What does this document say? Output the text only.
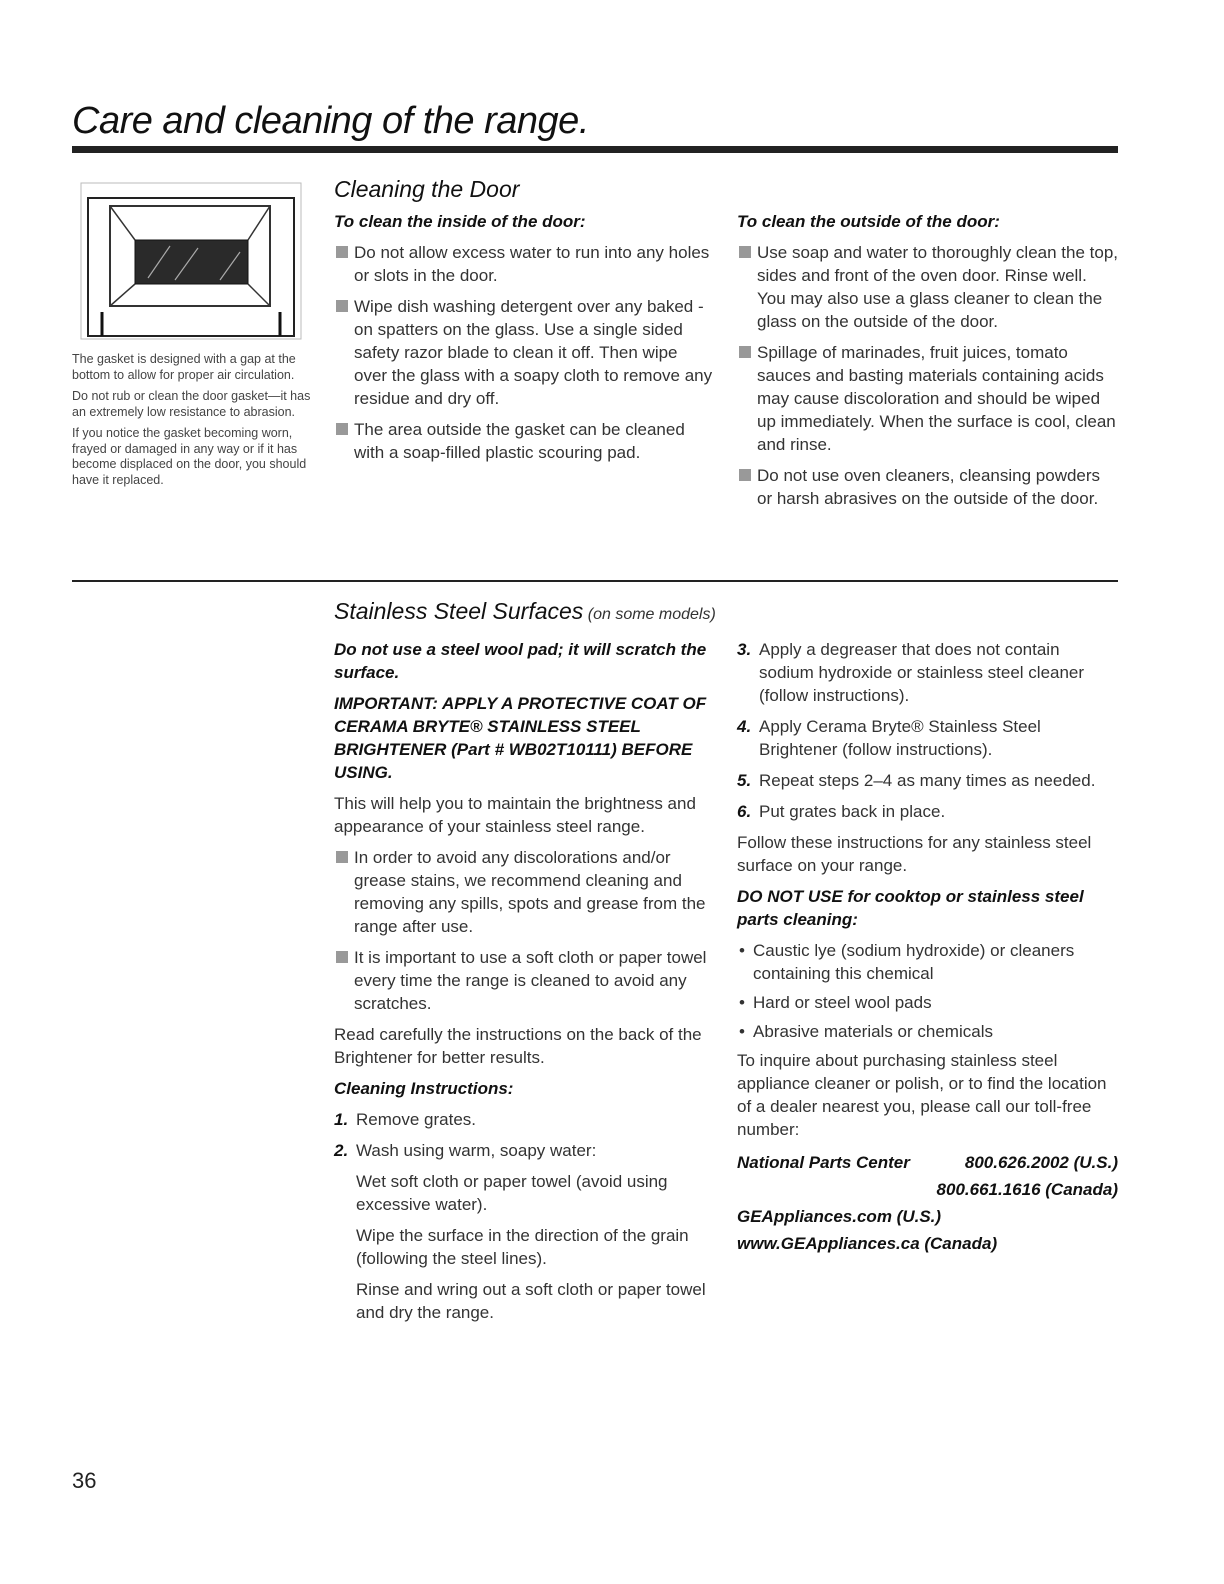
Care and cleaning of the range.

The gasket is designed with a gap at the bottom to allow for proper air circulation.

Do not rub or clean the door gasket—it has an extremely low resistance to abrasion.

If you notice the gasket becoming worn, frayed or damaged in any way or if it has become displaced on the door, you should have it replaced.

Cleaning the Door
To clean the inside of the door:
Do not allow excess water to run into any holes or slots in the door.
Wipe dish washing detergent over any baked -on spatters on the glass. Use a single sided safety razor blade to clean it off. Then wipe over the glass with a soapy cloth to remove any residue and dry off.
The area outside the gasket can be cleaned with a soap-filled plastic scouring pad.
To clean the outside of the door:
Use soap and water to thoroughly clean the top, sides and front of the oven door. Rinse well. You may also use a glass cleaner to clean the glass on the outside of the door.
Spillage of marinades, fruit juices, tomato sauces and basting materials containing acids may cause discoloration and should be wiped up immediately. When the surface is cool, clean and rinse.
Do not use oven cleaners, cleansing powders or harsh abrasives on the outside of the door.
Stainless Steel Surfaces (on some models)
Do not use a steel wool pad; it will scratch the surface.
IMPORTANT: APPLY A PROTECTIVE COAT OF CERAMA BRYTE® STAINLESS STEEL BRIGHTENER (Part # WB02T10111) BEFORE USING.
This will help you to maintain the brightness and appearance of your stainless steel range.
In order to avoid any discolorations and/or grease stains, we recommend cleaning and removing any spills, spots and grease from the range after use.
It is important to use a soft cloth or paper towel every time the range is cleaned to avoid any scratches.
Read carefully the instructions on the back of the Brightener for better results.
Cleaning Instructions:
1. Remove grates.
2. Wash using warm, soapy water:
Wet soft cloth or paper towel (avoid using excessive water).
Wipe the surface in the direction of the grain (following the steel lines).
Rinse and wring out a soft cloth or paper towel and dry the range.
3. Apply a degreaser that does not contain sodium hydroxide or stainless steel cleaner (follow instructions).
4. Apply Cerama Bryte® Stainless Steel Brightener (follow instructions).
5. Repeat steps 2–4 as many times as needed.
6. Put grates back in place.
Follow these instructions for any stainless steel surface on your range.
DO NOT USE for cooktop or stainless steel parts cleaning:
• Caustic lye (sodium hydroxide) or cleaners containing this chemical
• Hard or steel wool pads
• Abrasive materials or chemicals
To inquire about purchasing stainless steel appliance cleaner or polish, or to find the location of a dealer nearest you, please call our toll-free number:
National Parts Center	800.626.2002 (U.S.)
800.661.1616 (Canada)
GEAppliances.com (U.S.)
www.GEAppliances.ca (Canada)
36
